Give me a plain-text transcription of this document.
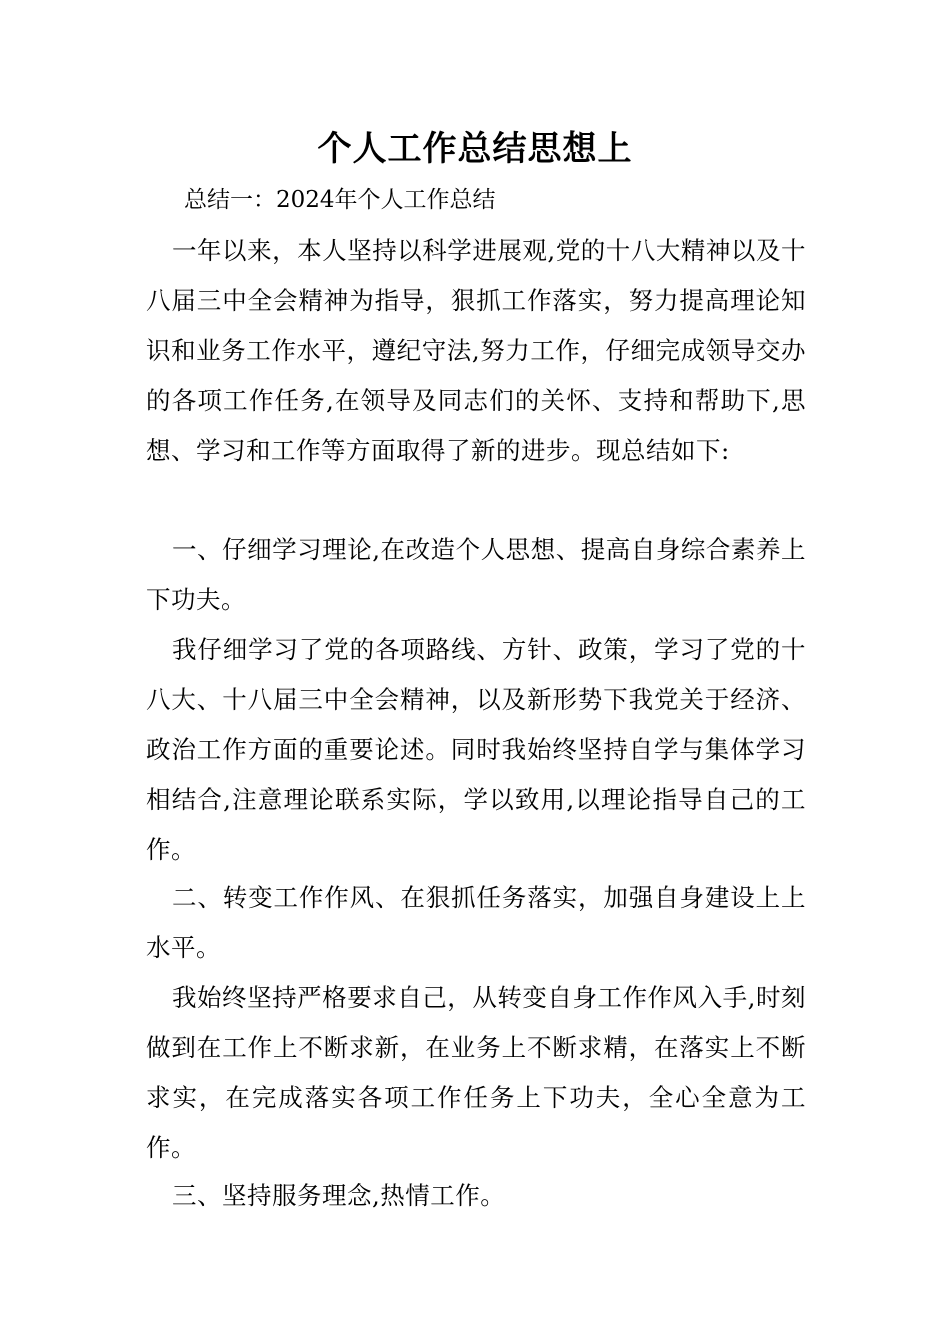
个人工作总结思想上
总结一：2024年个人工作总结

一年以来，本人坚持以科学进展观,党的十八大精神以及十八届三中全会精神为指导，狠抓工作落实，努力提高理论知识和业务工作水平，遵纪守法,努力工作，仔细完成领导交办的各项工作任务,在领导及同志们的关怀、支持和帮助下,思想、学习和工作等方面取得了新的进步。现总结如下:

一、仔细学习理论,在改造个人思想、提高自身综合素养上下功夫。

我仔细学习了党的各项路线、方针、政策，学习了党的十八大、十八届三中全会精神，以及新形势下我党关于经济、政治工作方面的重要论述。同时我始终坚持自学与集体学习相结合,注意理论联系实际，学以致用,以理论指导自己的工作。

二、转变工作作风、在狠抓任务落实，加强自身建设上上水平。

我始终坚持严格要求自己，从转变自身工作作风入手,时刻做到在工作上不断求新，在业务上不断求精，在落实上不断求实，在完成落实各项工作任务上下功夫，全心全意为工作。

三、坚持服务理念,热情工作。
